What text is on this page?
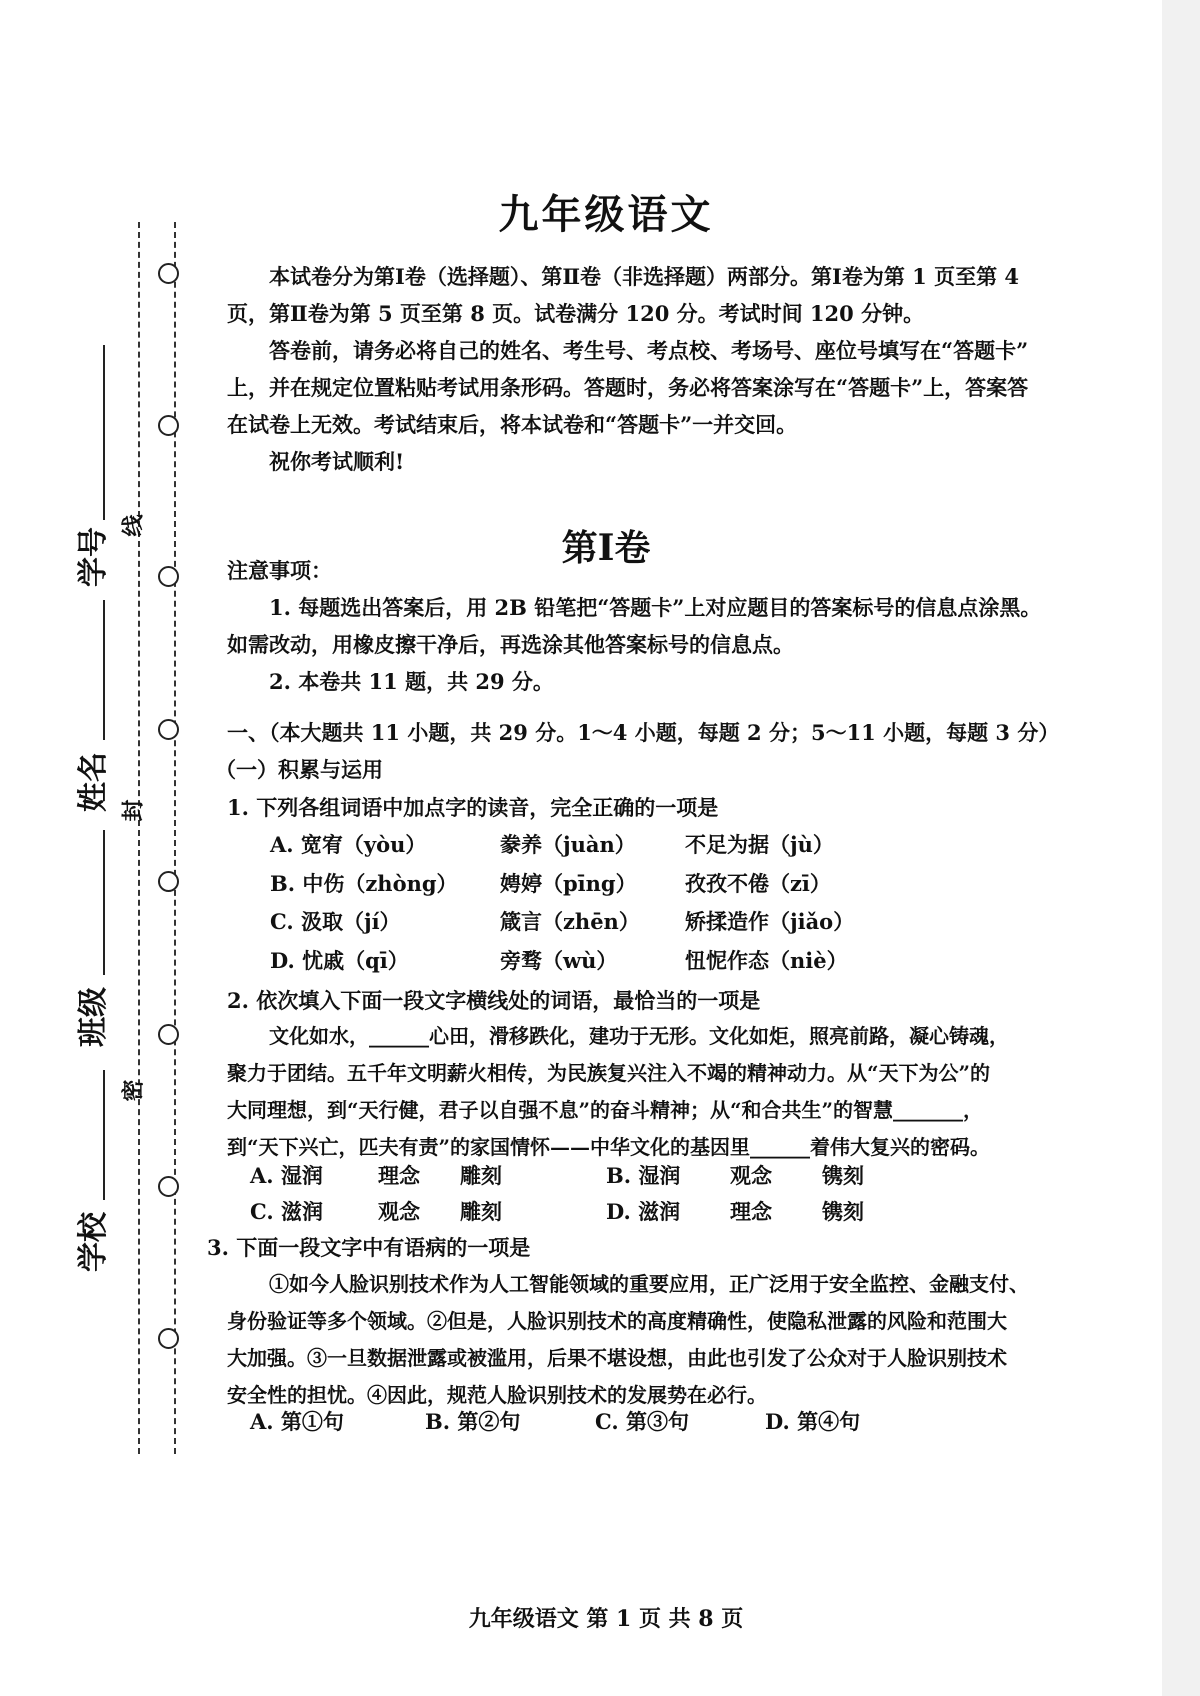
线
封
密
学号
姓名
班级
学校
九年级语文
本试卷分为第Ⅰ卷（选择题）、第Ⅱ卷（非选择题）两部分。第Ⅰ卷为第 1 页至第 4
页，第Ⅱ卷为第 5 页至第 8 页。试卷满分 120 分。考试时间 120 分钟。
答卷前，请务必将自己的姓名、考生号、考点校、考场号、座位号填写在“答题卡”
上，并在规定位置粘贴考试用条形码。答题时，务必将答案涂写在“答题卡”上，答案答
在试卷上无效。考试结束后，将本试卷和“答题卡”一并交回。
祝你考试顺利!
第Ⅰ卷
注意事项：
1. 每题选出答案后，用 2B 铅笔把“答题卡”上对应题目的答案标号的信息点涂黑。
如需改动，用橡皮擦干净后，再选涂其他答案标号的信息点。
2. 本卷共 11 题，共 29 分。
一、（本大题共 11 小题，共 29 分。1～4 小题，每题 2 分；5～11 小题，每题 3 分）
（一）积累与运用
1. 下列各组词语中加点字的读音，完全正确的一项是
A. 宽宥（yòu）	豢养（juàn） 不足为据（jù）
B. 中伤（zhòng） 娉婷（pīng） 孜孜不倦（zī）
C. 汲取（jí）	箴言（zhēn） 矫揉造作（jiǎo）
D. 忧戚（qī）	旁骛（wù）	忸怩作态（niè）
2. 依次填入下面一段文字横线处的词语，最恰当的一项是
文化如水，______心田，滑移跌化，建功于无形。文化如炬，照亮前路，凝心铸魂，
聚力于团结。五千年文明薪火相传，为民族复兴注入不竭的精神动力。从“天下为公”的
大同理想，到“天行健，君子以自强不息”的奋斗精神；从“和合共生”的智慧_______，
到“天下兴亡，匹夫有责”的家国情怀——中华文化的基因里______着伟大复兴的密码。
A. 湿润	理念 雕刻	B. 湿润 观念 镌刻
C. 滋润	观念 雕刻	D. 滋润 理念 镌刻
3. 下面一段文字中有语病的一项是
①如今人脸识别技术作为人工智能领域的重要应用，正广泛用于安全监控、金融支付、
身份验证等多个领域。②但是，人脸识别技术的高度精确性，使隐私泄露的风险和范围大
大加强。③一旦数据泄露或被滥用，后果不堪设想，由此也引发了公众对于人脸识别技术
安全性的担忧。④因此，规范人脸识别技术的发展势在必行。
A. 第①句	B. 第②句	C. 第③句	D. 第④句
九年级语文 第 1 页 共 8 页
